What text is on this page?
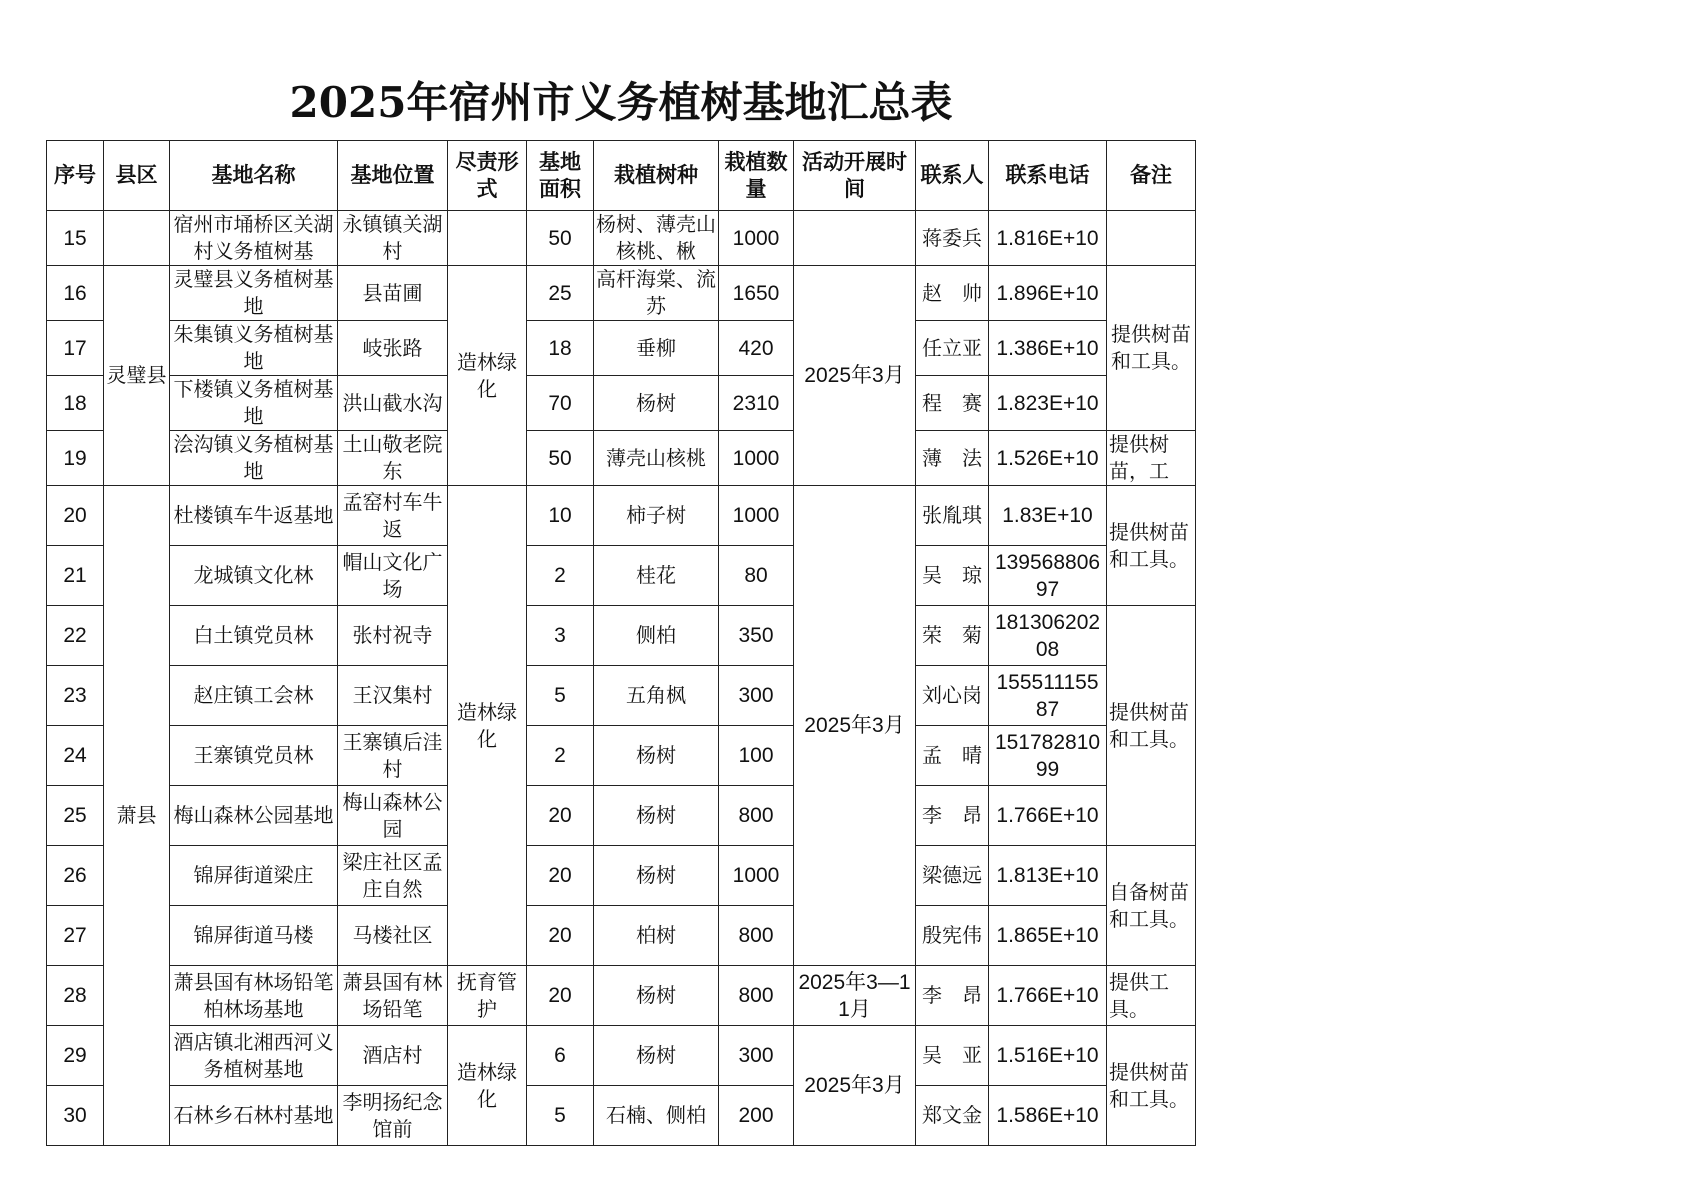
2025年宿州市义务植树基地汇总表
序号	县区	基地名称	基地位置	尽责形式	基地面积	栽植树种	栽植数量	活动开展时间	联系人	联系电话	备注
15		宿州市埇桥区关湖村义务植树基	永镇镇关湖村		50	杨树、薄壳山核桃、楸	1000		蒋委兵	1.816E+10	
16	灵璧县	灵璧县义务植树基地	县苗圃	造林绿化	25	高杆海棠、流苏	1650	2025年3月	赵 帅	1.896E+10	提供树苗和工具。
17		朱集镇义务植树基地	岐张路		18	垂柳	420		任立亚	1.386E+10	
18		下楼镇义务植树基地	洪山截水沟		70	杨树	2310		程 赛	1.823E+10	
19		浍沟镇义务植树基地	土山敬老院东		50	薄壳山核桃	1000		薄 法	1.526E+10	提供树苗，工
20	萧县	杜楼镇车牛返基地	孟窑村车牛返	造林绿化	10	柿子树	1000	2025年3月	张胤琪	1.83E+10	提供树苗和工具。
21		龙城镇文化林	帽山文化广场		2	桂花	80		吴 琼	13956880697	
22		白土镇党员林	张村祝寺		3	侧柏	350		荣 菊	18130620208	提供树苗和工具。
23		赵庄镇工会林	王汉集村		5	五角枫	300		刘心岗	15551115587	
24		王寨镇党员林	王寨镇后洼村		2	杨树	100		孟 晴	15178281099	
25		梅山森林公园基地	梅山森林公园		20	杨树	800		李 昂	1.766E+10	
26		锦屏街道梁庄	梁庄社区孟庄自然		20	杨树	1000		梁德远	1.813E+10	自备树苗和工具。
27		锦屏街道马楼	马楼社区		20	柏树	800		殷宪伟	1.865E+10	
28		萧县国有林场铅笔柏林场基地	萧县国有林场铅笔	抚育管护	20	杨树	800	2025年3—11月	李 昂	1.766E+10	提供工具。
29		酒店镇北湘西河义务植树基地	酒店村	造林绿化	6	杨树	300	2025年3月	吴 亚	1.516E+10	提供树苗和工具。
30		石林乡石林村基地	李明扬纪念馆前		5	石楠、侧柏	200		郑文金	1.586E+10	
